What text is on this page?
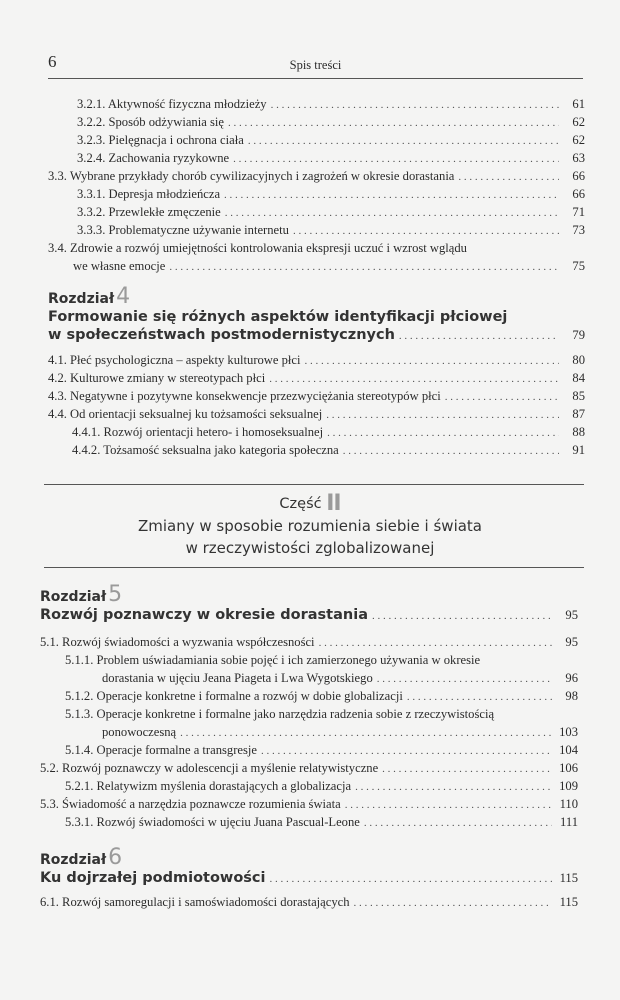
6	Spis treści
3.2.1. Aktywność fizyczna młodzieży . . .	61
3.2.2. Sposób odżywiania się . . .	62
3.2.3. Pielęgnacja i ochrona ciała . . .	62
3.2.4. Zachowania ryzykowne . . .	63
3.3. Wybrane przykłady chorób cywilizacyjnych i zagrożeń w okresie dorastania . . .	66
3.3.1. Depresja młodzieńcza . . .	66
3.3.2. Przewlekłe zmęczenie . . .	71
3.3.3. Problematyczne używanie internetu . . .	73
3.4. Zdrowie a rozwój umiejętności kontrolowania ekspresji uczuć i wzrost wglądu
we własne emocje . . .	75
Rozdział4
Formowanie się różnych aspektów identyfikacji płciowej
w społeczeństwach postmodernistycznych . . .	79
4.1. Płeć psychologiczna – aspekty kulturowe płci . . .	80
4.2. Kulturowe zmiany w stereotypach płci . . .	84
4.3. Negatywne i pozytywne konsekwencje przezwyciężania stereotypów płci . . .	85
4.4. Od orientacji seksualnej ku tożsamości seksualnej . . .	87
4.4.1. Rozwój orientacji hetero- i homoseksualnej . . .	88
4.4.2. Tożsamość seksualna jako kategoria społeczna . . .	91
Część II
Zmiany w sposobie rozumienia siebie i świata
w rzeczywistości zglobalizowanej
Rozdział5
Rozwój poznawczy w okresie dorastania . . .	95
5.1. Rozwój świadomości a wyzwania współczesności . . .	95
5.1.1. Problem uświadamiania sobie pojęć i ich zamierzonego używania w okresie
dorastania w ujęciu Jeana Piageta i Lwa Wygotskiego . . .	96
5.1.2. Operacje konkretne i formalne a rozwój w dobie globalizacji . . .	98
5.1.3. Operacje konkretne i formalne jako narzędzia radzenia sobie z rzeczywistością
ponowoczesną . . .	103
5.1.4. Operacje formalne a transgresje . . .	104
5.2. Rozwój poznawczy w adolescencji a myślenie relatywistyczne . . .	106
5.2.1. Relatywizm myślenia dorastających a globalizacja . . .	109
5.3. Świadomość a narzędzia poznawcze rozumienia świata . . .	110
5.3.1. Rozwój świadomości w ujęciu Juana Pascual-Leone . . .	111
Rozdział6
Ku dojrzałej podmiotowości . . .	115
6.1. Rozwój samoregulacji i samoświadomości dorastających . . .	115
